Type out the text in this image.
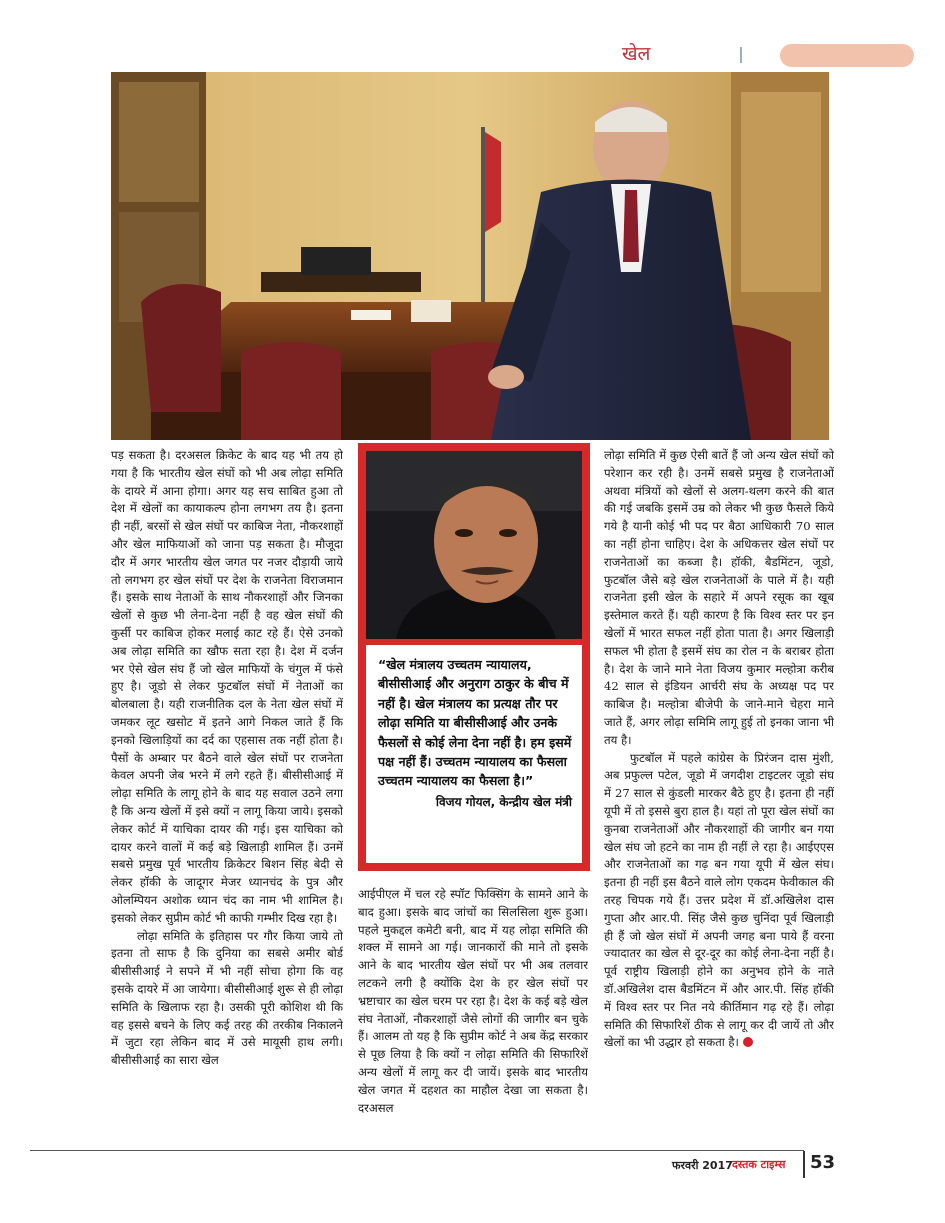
खेल

पड़ सकता है। दरअसल क्रिकेट के बाद यह भी तय हो गया है कि भारतीय खेल संघों को भी अब लोढ़ा समिति के दायरे में आना होगा। अगर यह सच साबित हुआ तो देश में खेलों का कायाकल्प होना लगभग तय है। इतना ही नहीं, बरसों से खेल संघों पर काबिज नेता, नौकरशाहों और खेल माफियाओं को जाना पड़ सकता है। मौजूदा दौर में अगर भारतीय खेल जगत पर नजर दौड़ायी जाये तो लगभग हर खेल संघों पर देश के राजनेता विराजमान हैं। इसके साथ नेताओं के साथ नौकरशाहों और जिनका खेलों से कुछ भी लेना-देना नहीं है वह खेल संघों की कुर्सी पर काबिज होकर मलाई काट रहे हैं। ऐसे उनको अब लोढ़ा समिति का खौफ सता रहा है। देश में दर्जन भर ऐसे खेल संघ हैं जो खेल माफियों के चंगुल में फंसे हुए है। जूडो से लेकर फुटबॉल संघों में नेताओं का बोलबाला है। यही राजनीतिक दल के नेता खेल संघों में जमकर लूट खसोट में इतने आगे निकल जाते हैं कि इनको खिलाड़ियों का दर्द का एहसास तक नहीं होता है। पैसों के अम्बार पर बैठने वाले खेल संघों पर राजनेता केवल अपनी जेब भरने में लगे रहते हैं। बीसीसीआई में लोढ़ा समिति के लागू होने के बाद यह सवाल उठने लगा है कि अन्य खेलों में इसे क्यों न लागू किया जाये। इसको लेकर कोर्ट में याचिका दायर की गई। इस याचिका को दायर करने वालों में कई बड़े खिलाड़ी शामिल हैं। उनमें सबसे प्रमुख पूर्व भारतीय क्रिकेटर बिशन सिंह बेदी से लेकर हॉकी के जादूगर मेजर ध्यानचंद के पुत्र और ओलम्पियन अशोक ध्यान चंद का नाम भी शामिल है। इसको लेकर सुप्रीम कोर्ट भी काफी गम्भीर दिख रहा है।

लोढ़ा समिति के इतिहास पर गौर किया जाये तो इतना तो साफ है कि दुनिया का सबसे अमीर बोर्ड बीसीसीआई ने सपने में भी नहीं सोचा होगा कि वह इसके दायरे में आ जायेगा। बीसीसीआई शुरू से ही लोढ़ा समिति के खिलाफ रहा है। उसकी पूरी कोशिश थी कि वह इससे बचने के लिए कई तरह की तरकीब निकालने में जुटा रहा लेकिन बाद में उसे मायूसी हाथ लगी। बीसीसीआई का सारा खेल

“खेल मंत्रालय उच्चतम न्यायालय, बीसीसीआई और अनुराग ठाकुर के बीच में नहीं है। खेल मंत्रालय का प्रत्यक्ष तौर पर लोढ़ा समिति या बीसीसीआई और उनके फैसलों से कोई लेना देना नहीं है। हम इसमें पक्ष नहीं हैं। उच्चतम न्यायालय का फैसला उच्चतम न्यायालय का फैसला है।”
विजय गोयल, केन्द्रीय खेल मंत्री

आईपीएल में चल रहे स्पॉट फिक्सिंग के सामने आने के बाद हुआ। इसके बाद जांचों का सिलसिला शुरू हुआ। पहले मुकद्दल कमेटी बनी, बाद में यह लोढ़ा समिति की शक्ल में सामने आ गई। जानकारों की माने तो इसके आने के बाद भारतीय खेल संघों पर भी अब तलवार लटकने लगी है क्योंकि देश के हर खेल संघों पर भ्रष्टाचार का खेल चरम पर रहा है। देश के कई बड़े खेल संघ नेताओं, नौकरशाहों जैसे लोगों की जागीर बन चुके हैं। आलम तो यह है कि सुप्रीम कोर्ट ने अब केंद्र सरकार से पूछ लिया है कि क्यों न लोढ़ा समिति की सिफारिशें अन्य खेलों में लागू कर दी जायें। इसके बाद भारतीय खेल जगत में दहशत का माहौल देखा जा सकता है। दरअसल

लोढ़ा समिति में कुछ ऐसी बातें हैं जो अन्य खेल संघों को परेशान कर रही है। उनमें सबसे प्रमुख है राजनेताओं अथवा मंत्रियों को खेलों से अलग-थलग करने की बात की गई जबकि इसमें उम्र को लेकर भी कुछ फैसले किये गये है यानी कोई भी पद पर बैठा आधिकारी 70 साल का नहीं होना चाहिए। देश के अधिकत्तर खेल संघों पर राजनेताओं का कब्जा है। हॉकी, बैडमिंटन, जूडो, फुटबॉल जैसे बड़े खेल राजनेताओं के पाले में है। यही राजनेता इसी खेल के सहारे में अपने रसूक का खूब इस्तेमाल करते हैं। यही कारण है कि विश्व स्तर पर इन खेलों में भारत सफल नहीं होता पाता है। अगर खिलाड़ी सफल भी होता है इसमें संघ का रोल न के बराबर होता है। देश के जाने माने नेता विजय कुमार मल्होत्रा करीब 42 साल से इंडियन आर्चरी संघ के अध्यक्ष पद पर काबिज है। मल्होत्रा बीजेपी के जाने-माने चेहरा माने जाते हैं, अगर लोढ़ा समिमि लागू हुई तो इनका जाना भी तय है।

फुटबॉल में पहले कांग्रेस के प्रिरंजन दास मुंशी, अब प्रफुल्ल पटेल, जूडो में जगदीश टाइटलर जूडो संघ में 27 साल से कुंडली मारकर बैठे हुए है। इतना ही नहीं यूपी में तो इससे बुरा हाल है। यहां तो पूरा खेल संघों का कुनबा राजनेताओं और नौकरशाहों की जागीर बन गया खेल संघ जो हटने का नाम ही नहीं ले रहा है। आईएएस और राजनेताओं का गढ़ बन गया यूपी में खेल संघ। इतना ही नहीं इस बैठने वाले लोग एकदम फेवीकाल की तरह चिपक गये हैं। उत्तर प्रदेश में डॉ.अखिलेश दास गुप्ता और आर.पी. सिंह जैसे कुछ चुनिंदा पूर्व खिलाड़ी ही हैं जो खेल संघों में अपनी जगह बना पाये हैं वरना ज्यादातर का खेल से दूर-दूर का कोई लेना-देना नहीं है। पूर्व राष्ट्रीय खिलाड़ी होने का अनुभव होने के नाते डॉ.अखिलेश दास बैडमिंटन में और आर.पी. सिंह हॉकी में विश्व स्तर पर नित नये कीर्तिमान गढ़ रहे हैं। लोढ़ा समिति की सिफारिशें ठीक से लागू कर दी जायें तो और खेलों का भी उद्धार हो सकता है।

फरवरी 2017 दस्तक टाइम्स 53
